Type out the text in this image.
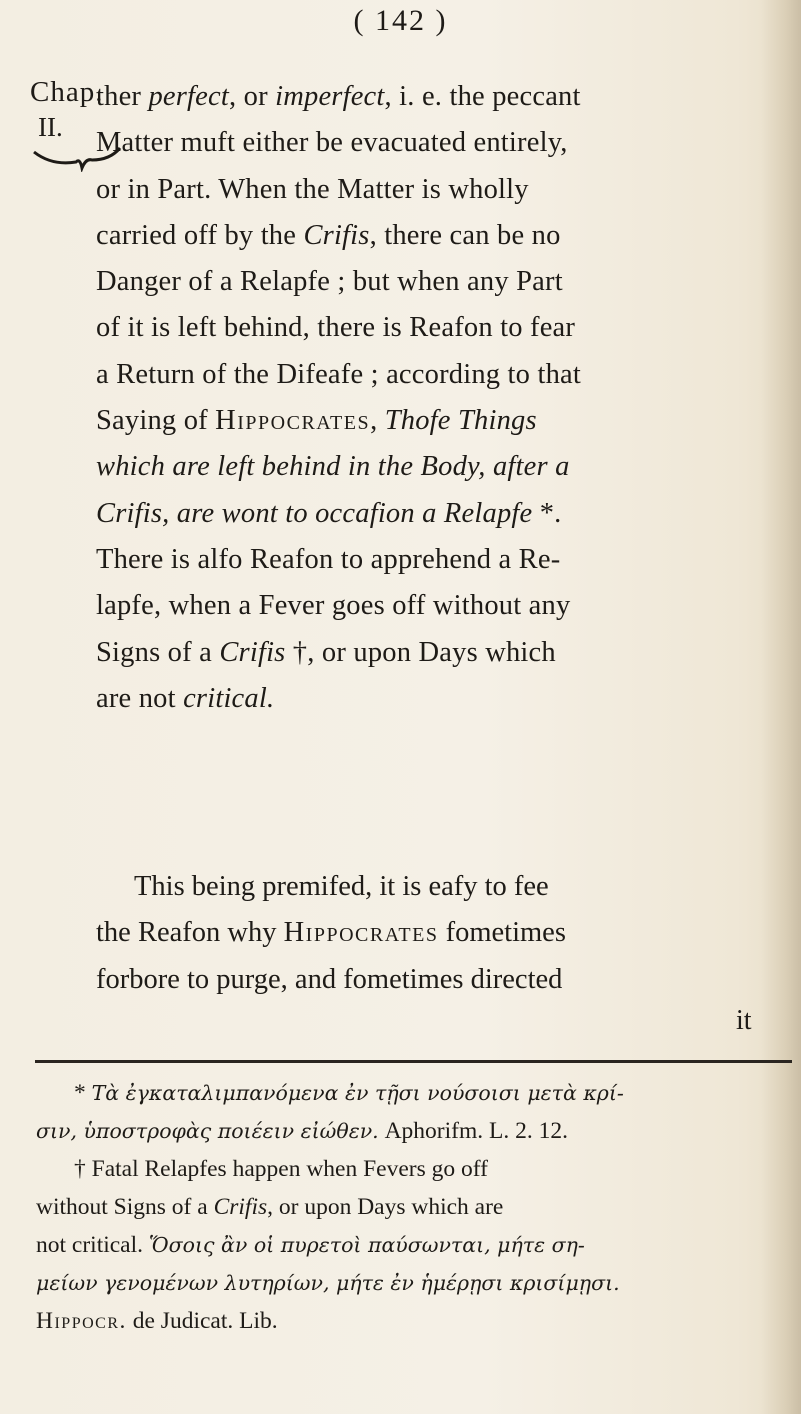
( 142 )
Chap.
II.
ther perfect, or imperfect, i. e. the peccant
Matter muft either be evacuated entirely,
or in Part. When the Matter is wholly
carried off by the Crifis, there can be no
Danger of a Relapfe ; but when any Part
of it is left behind, there is Reafon to fear
a Return of the Difeafe ; according to that
Saying of Hippocrates, Thofe Things
which are left behind in the Body, after a
Crifis, are wont to occafion a Relapfe *.
There is alfo Reafon to apprehend a Re-
lapfe, when a Fever goes off without any
Signs of a Crifis †, or upon Days which
are not critical.
This being premifed, it is eafy to fee
the Reafon why Hippocrates fometimes
forbore to purge, and fometimes directed
it
* Τὰ ἐγκαταλιμπανόμενα ἐν τῇσι νούσοισι μετὰ κρί-
σιν, ὑποστροφὰς ποιέειν εἰώθεν. Aphorifm. L. 2. 12.
† Fatal Relapfes happen when Fevers go off
without Signs of a Crifis, or upon Days which are
not critical. Ὅσοις ἂν οἱ πυρετοὶ παύσωνται, μήτε ση-
μείων γενομένων λυτηρίων, μήτε ἐν ἡμέρῃσι κρισίμῃσι.
Hippocr. de Judicat. Lib.
